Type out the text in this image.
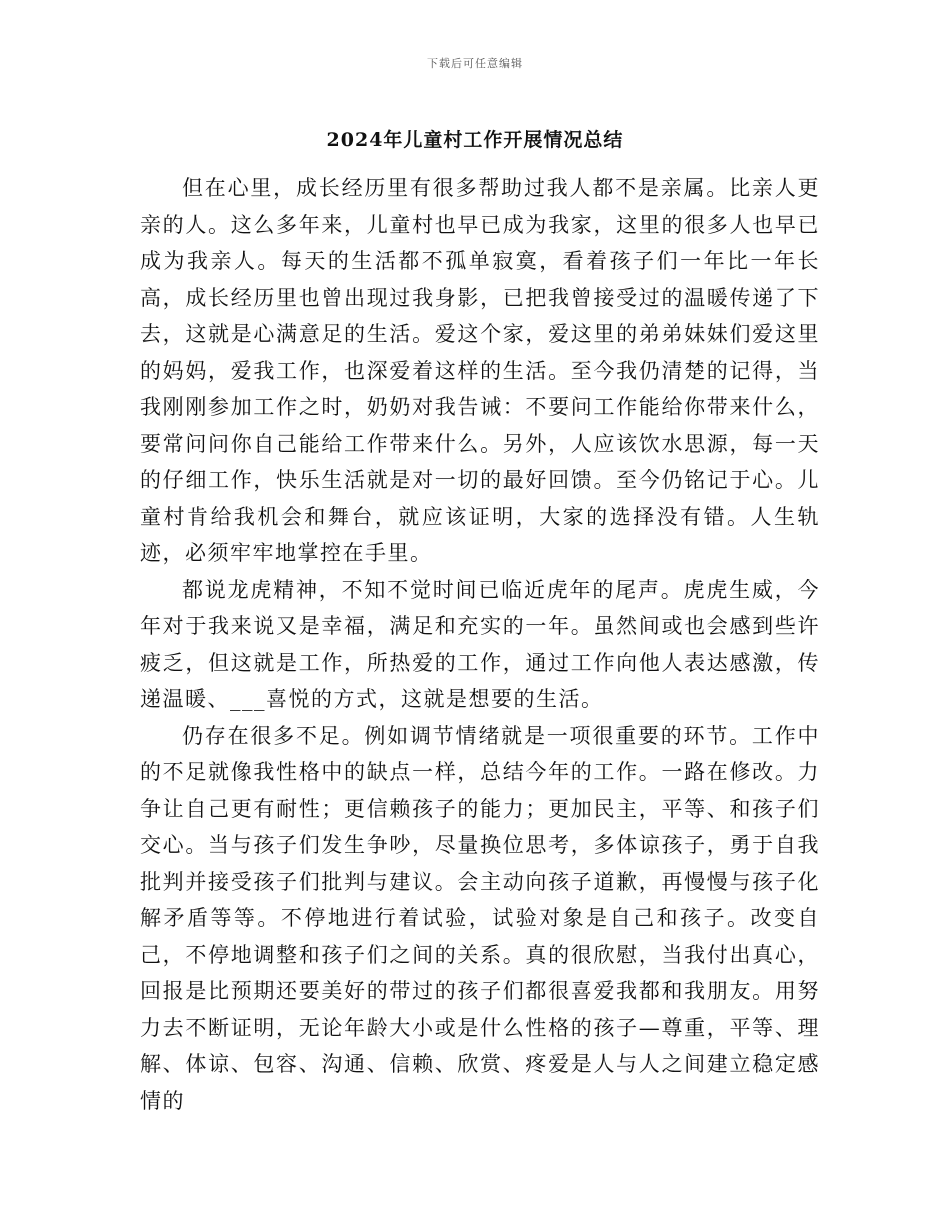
下载后可任意编辑
2024年儿童村工作开展情况总结

但在心里，成长经历里有很多帮助过我人都不是亲属。比亲人更亲的人。这么多年来，儿童村也早已成为我家，这里的很多人也早已成为我亲人。每天的生活都不孤单寂寞，看着孩子们一年比一年长高，成长经历里也曾出现过我身影，已把我曾接受过的温暖传递了下去，这就是心满意足的生活。爱这个家，爱这里的弟弟妹妹们爱这里的妈妈，爱我工作，也深爱着这样的生活。至今我仍清楚的记得，当我刚刚参加工作之时，奶奶对我告诫：不要问工作能给你带来什么，要常问问你自己能给工作带来什么。另外，人应该饮水思源，每一天的仔细工作，快乐生活就是对一切的最好回馈。至今仍铭记于心。儿童村肯给我机会和舞台，就应该证明，大家的选择没有错。人生轨迹，必须牢牢地掌控在手里。

都说龙虎精神，不知不觉时间已临近虎年的尾声。虎虎生威，今年对于我来说又是幸福，满足和充实的一年。虽然间或也会感到些许疲乏，但这就是工作，所热爱的工作，通过工作向他人表达感激，传递温暖、___喜悦的方式，这就是想要的生活。

仍存在很多不足。例如调节情绪就是一项很重要的环节。工作中的不足就像我性格中的缺点一样，总结今年的工作。一路在修改。力争让自己更有耐性；更信赖孩子的能力；更加民主，平等、和孩子们交心。当与孩子们发生争吵，尽量换位思考，多体谅孩子，勇于自我批判并接受孩子们批判与建议。会主动向孩子道歉，再慢慢与孩子化解矛盾等等。不停地进行着试验，试验对象是自己和孩子。改变自己，不停地调整和孩子们之间的关系。真的很欣慰，当我付出真心，回报是比预期还要美好的带过的孩子们都很喜爱我都和我朋友。用努力去不断证明，无论年龄大小或是什么性格的孩子—尊重，平等、理解、体谅、包容、沟通、信赖、欣赏、疼爱是人与人之间建立稳定感情的
